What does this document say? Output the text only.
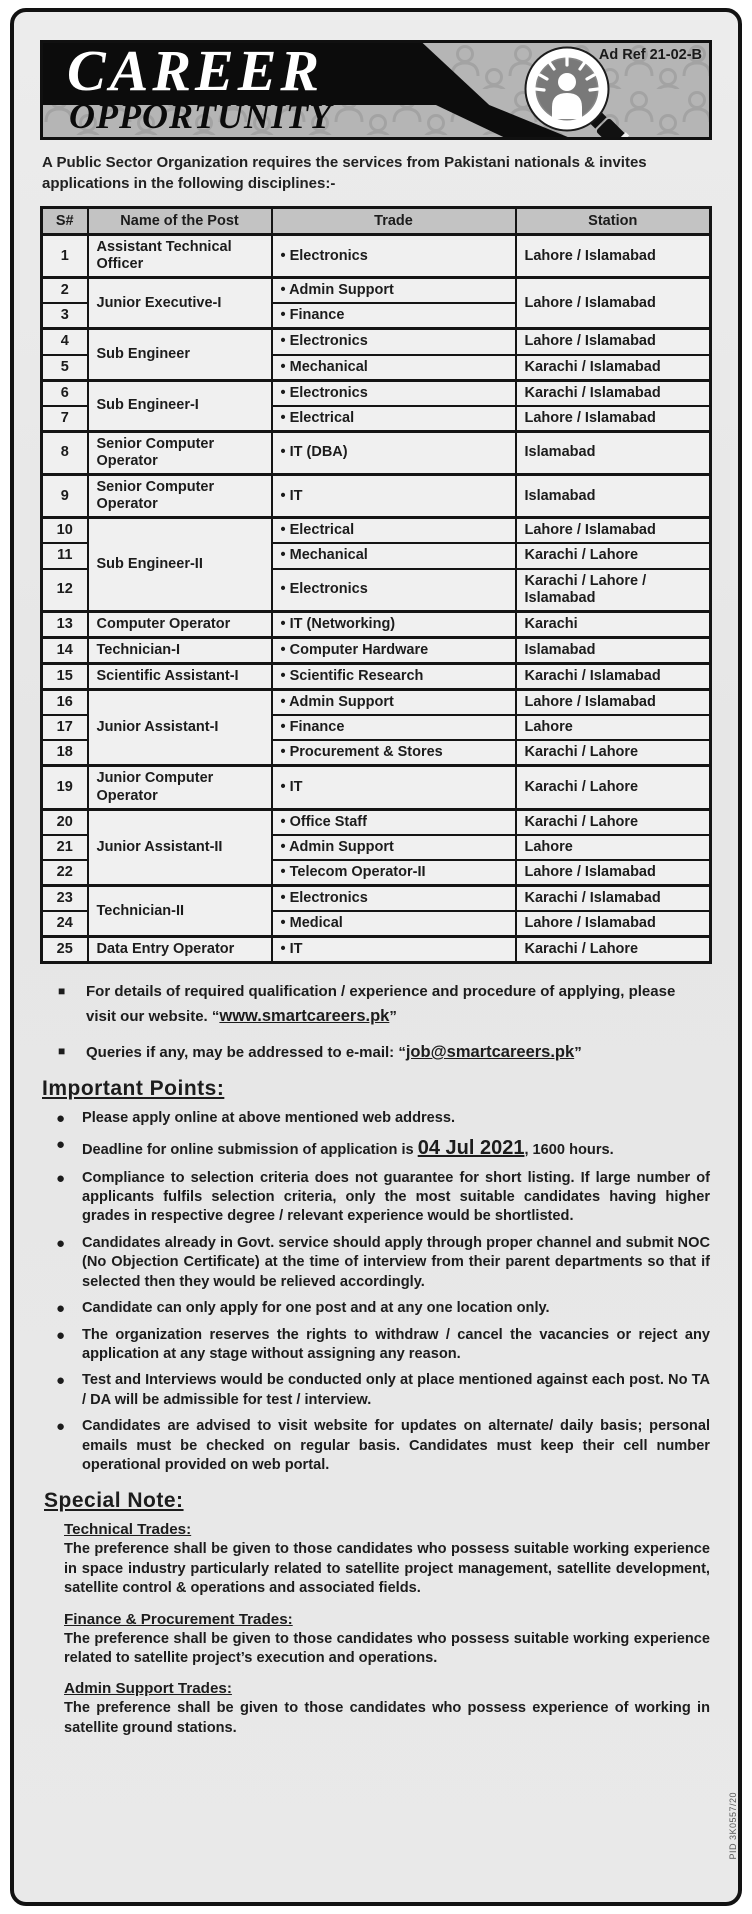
CAREER
OPPORTUNITY
Ad Ref 21-02-B

A Public Sector Organization requires the services from Pakistani nationals & invites applications in the following disciplines:-

S#	Name of the Post	Trade	Station
1	Assistant Technical Officer	• Electronics	Lahore / Islamabad
2	Junior Executive-I	• Admin Support	Lahore / Islamabad
3		• Finance
4	Sub Engineer	• Electronics	Lahore / Islamabad
5		• Mechanical	Karachi / Islamabad
6	Sub Engineer-I	• Electronics	Karachi / Islamabad
7		• Electrical	Lahore / Islamabad
8	Senior Computer Operator	• IT (DBA)	Islamabad
9	Senior Computer Operator	• IT	Islamabad
10	Sub Engineer-II	• Electrical	Lahore / Islamabad
11		• Mechanical	Karachi / Lahore
12		• Electronics	Karachi / Lahore / Islamabad
13	Computer Operator	• IT (Networking)	Karachi
14	Technician-I	• Computer Hardware	Islamabad
15	Scientific Assistant-I	• Scientific Research	Karachi / Islamabad
16	Junior Assistant-I	• Admin Support	Lahore / Islamabad
17		• Finance	Lahore
18		• Procurement & Stores	Karachi / Lahore
19	Junior Computer Operator	• IT	Karachi / Lahore
20	Junior Assistant-II	• Office Staff	Karachi / Lahore
21		• Admin Support	Lahore
22		• Telecom Operator-II	Lahore / Islamabad
23	Technician-II	• Electronics	Karachi / Islamabad
24		• Medical	Lahore / Islamabad
25	Data Entry Operator	• IT	Karachi / Lahore
■	For details of required qualification / experience and procedure of applying, please visit our website. “www.smartcareers.pk”
■	Queries if any, may be addressed to e-mail: “job@smartcareers.pk”
Important Points:
●	Please apply online at above mentioned web address.
●	Deadline for online submission of application is 04 Jul 2021, 1600 hours.
●	Compliance to selection criteria does not guarantee for short listing. If large number of applicants fulfils selection criteria, only the most suitable candidates having higher grades in respective degree / relevant experience would be shortlisted.
●	Candidates already in Govt. service should apply through proper channel and submit NOC (No Objection Certificate) at the time of interview from their parent departments so that if selected then they would be relieved accordingly.
●	Candidate can only apply for one post and at any one location only.
●	The organization reserves the rights to withdraw / cancel the vacancies or reject any application at any stage without assigning any reason.
●	Test and Interviews would be conducted only at place mentioned against each post. No TA / DA will be admissible for test / interview.
●	Candidates are advised to visit website for updates on alternate/ daily basis; personal emails must be checked on regular basis. Candidates must keep their cell number operational provided on web portal.
Special Note:
Technical Trades:
The preference shall be given to those candidates who possess suitable working experience in space industry particularly related to satellite project management, satellite development, satellite control & operations and associated fields.
Finance & Procurement Trades:
The preference shall be given to those candidates who possess suitable working experience related to satellite project’s execution and operations.
Admin Support Trades:
The preference shall be given to those candidates who possess experience of working in satellite ground stations.
PID 3K0557/20
